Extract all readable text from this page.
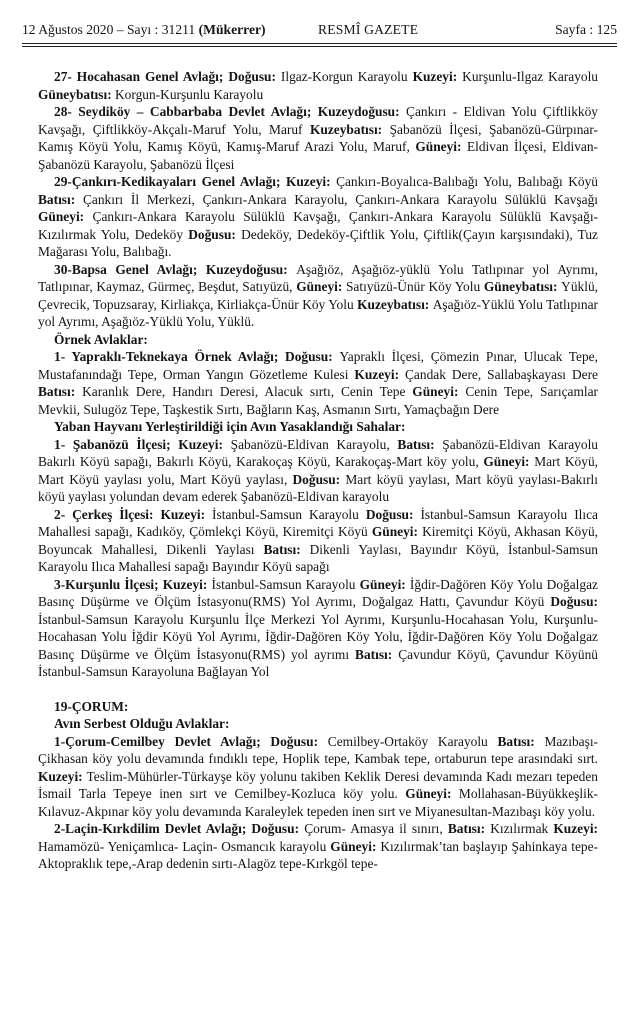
12 Ağustos 2020 – Sayı : 31211 (Mükerrer)	RESMÎ GAZETE	Sayfa : 125

27- Hocahasan Genel Avlağı; Doğusu: Ilgaz-Korgun Karayolu Kuzeyi: Kurşunlu-Ilgaz Karayolu Güneybatısı: Korgun-Kurşunlu Karayolu

28- Seydiköy – Cabbarbaba Devlet Avlağı; Kuzeydoğusu: Çankırı - Eldivan Yolu Çiftlikköy Kavşağı, Çiftlikköy-Akçalı-Maruf Yolu, Maruf Kuzeybatısı: Şabanözü İlçesi, Şabanözü-Gürpınar-Kamış Köyü Yolu, Kamış Köyü, Kamış-Maruf Arazi Yolu, Maruf, Güneyi: Eldivan İlçesi, Eldivan-Şabanözü Karayolu, Şabanözü İlçesi

29-Çankırı-Kedikayaları Genel Avlağı; Kuzeyi: Çankırı-Boyalıca-Balıbağı Yolu, Balıbağı Köyü Batısı: Çankırı İl Merkezi, Çankırı-Ankara Karayolu, Çankırı-Ankara Karayolu Sülüklü Kavşağı Güneyi: Çankırı-Ankara Karayolu Sülüklü Kavşağı, Çankırı-Ankara Karayolu Sülüklü Kavşağı-Kızılırmak Yolu, Dedeköy Doğusu: Dedeköy, Dedeköy-Çiftlik Yolu, Çiftlik(Çayın karşısındaki), Tuz Mağarası Yolu, Balıbağı.

30-Bapsa Genel Avlağı; Kuzeydoğusu: Aşağıöz, Aşağıöz-yüklü Yolu Tatlıpınar yol Ayrımı, Tatlıpınar, Kaymaz, Gürmeç, Beşdut, Satıyüzü, Güneyi: Satıyüzü-Ünür Köy Yolu Güneybatısı: Yüklü, Çevrecik, Topuzsaray, Kirliakça, Kirliakça-Ünür Köy Yolu Kuzeybatısı: Aşağıöz-Yüklü Yolu Tatlıpınar yol Ayrımı, Aşağıöz-Yüklü Yolu, Yüklü.

Örnek Avlaklar:

1- Yapraklı-Teknekaya Örnek Avlağı; Doğusu: Yapraklı İlçesi, Çömezin Pınar, Ulucak Tepe, Mustafanındağı Tepe, Orman Yangın Gözetleme Kulesi Kuzeyi: Çandak Dere, Sallabaşkayası Dere Batısı: Karanlık Dere, Handırı Deresi, Alacuk sırtı, Cenin Tepe Güneyi: Cenin Tepe, Sarıçamlar Mevkii, Sulugöz Tepe, Taşkestik Sırtı, Bağların Kaş, Asmanın Sırtı, Yamaçbağın Dere

Yaban Hayvanı Yerleştirildiği için Avın Yasaklandığı Sahalar:

1- Şabanözü İlçesi; Kuzeyi: Şabanözü-Eldivan Karayolu, Batısı: Şabanözü-Eldivan Karayolu Bakırlı Köyü sapağı, Bakırlı Köyü, Karakoçaş Köyü, Karakoçaş-Mart köy yolu, Güneyi: Mart Köyü, Mart Köyü yaylası yolu, Mart Köyü yaylası, Doğusu: Mart köyü yaylası, Mart köyü yaylası-Bakırlı köyü yaylası yolundan devam ederek Şabanözü-Eldivan karayolu

2- Çerkeş İlçesi: Kuzeyi: İstanbul-Samsun Karayolu Doğusu: İstanbul-Samsun Karayolu Ilıca Mahallesi sapağı, Kadıköy, Çömlekçi Köyü, Kiremitçi Köyü Güneyi: Kiremitçi Köyü, Akhasan Köyü, Boyuncak Mahallesi, Dikenli Yaylası Batısı: Dikenli Yaylası, Bayındır Köyü, İstanbul-Samsun Karayolu Ilıca Mahallesi sapağı Bayındır Köyü sapağı

3-Kurşunlu İlçesi; Kuzeyi: İstanbul-Samsun Karayolu Güneyi: İğdir-Dağören Köy Yolu Doğalgaz Basınç Düşürme ve Ölçüm İstasyonu(RMS) Yol Ayrımı, Doğalgaz Hattı, Çavundur Köyü Doğusu: İstanbul-Samsun Karayolu Kurşunlu İlçe Merkezi Yol Ayrımı, Kurşunlu-Hocahasan Yolu, Kurşunlu-Hocahasan Yolu İğdir Köyü Yol Ayrımı, İğdir-Dağören Köy Yolu, İğdir-Dağören Köy Yolu Doğalgaz Basınç Düşürme ve Ölçüm İstasyonu(RMS) yol ayrımı Batısı: Çavundur Köyü, Çavundur Köyünü İstanbul-Samsun Karayoluna Bağlayan Yol

19-ÇORUM:

Avın Serbest Olduğu Avlaklar:

1-Çorum-Cemilbey Devlet Avlağı; Doğusu: Cemilbey-Ortaköy Karayolu Batısı: Mazıbaşı-Çikhasan köy yolu devamında fındıklı tepe, Hoplik tepe, Kambak tepe, ortaburun tepe arasındaki sırt. Kuzeyi: Teslim-Mühürler-Türkayşe köy yolunu takiben Keklik Deresi devamında Kadı mezarı tepeden İsmail Tarla Tepeye inen sırt ve Cemilbey-Kozluca köy yolu. Güneyi: Mollahasan-Büyükkeşlik-Kılavuz-Akpınar köy yolu devamında Karaleylek tepeden inen sırt ve Miyanesultan-Mazıbaşı köy yolu.

2-Laçin-Kırkdilim Devlet Avlağı; Doğusu: Çorum- Amasya il sınırı, Batısı: Kızılırmak Kuzeyi: Hamamözü- Yeniçamlıca- Laçin- Osmancık karayolu Güneyi: Kızılırmak’tan başlayıp Şahinkaya tepe- Aktopraklık tepe,-Arap dedenin sırtı-Alagöz tepe-Kırkgöl tepe-
